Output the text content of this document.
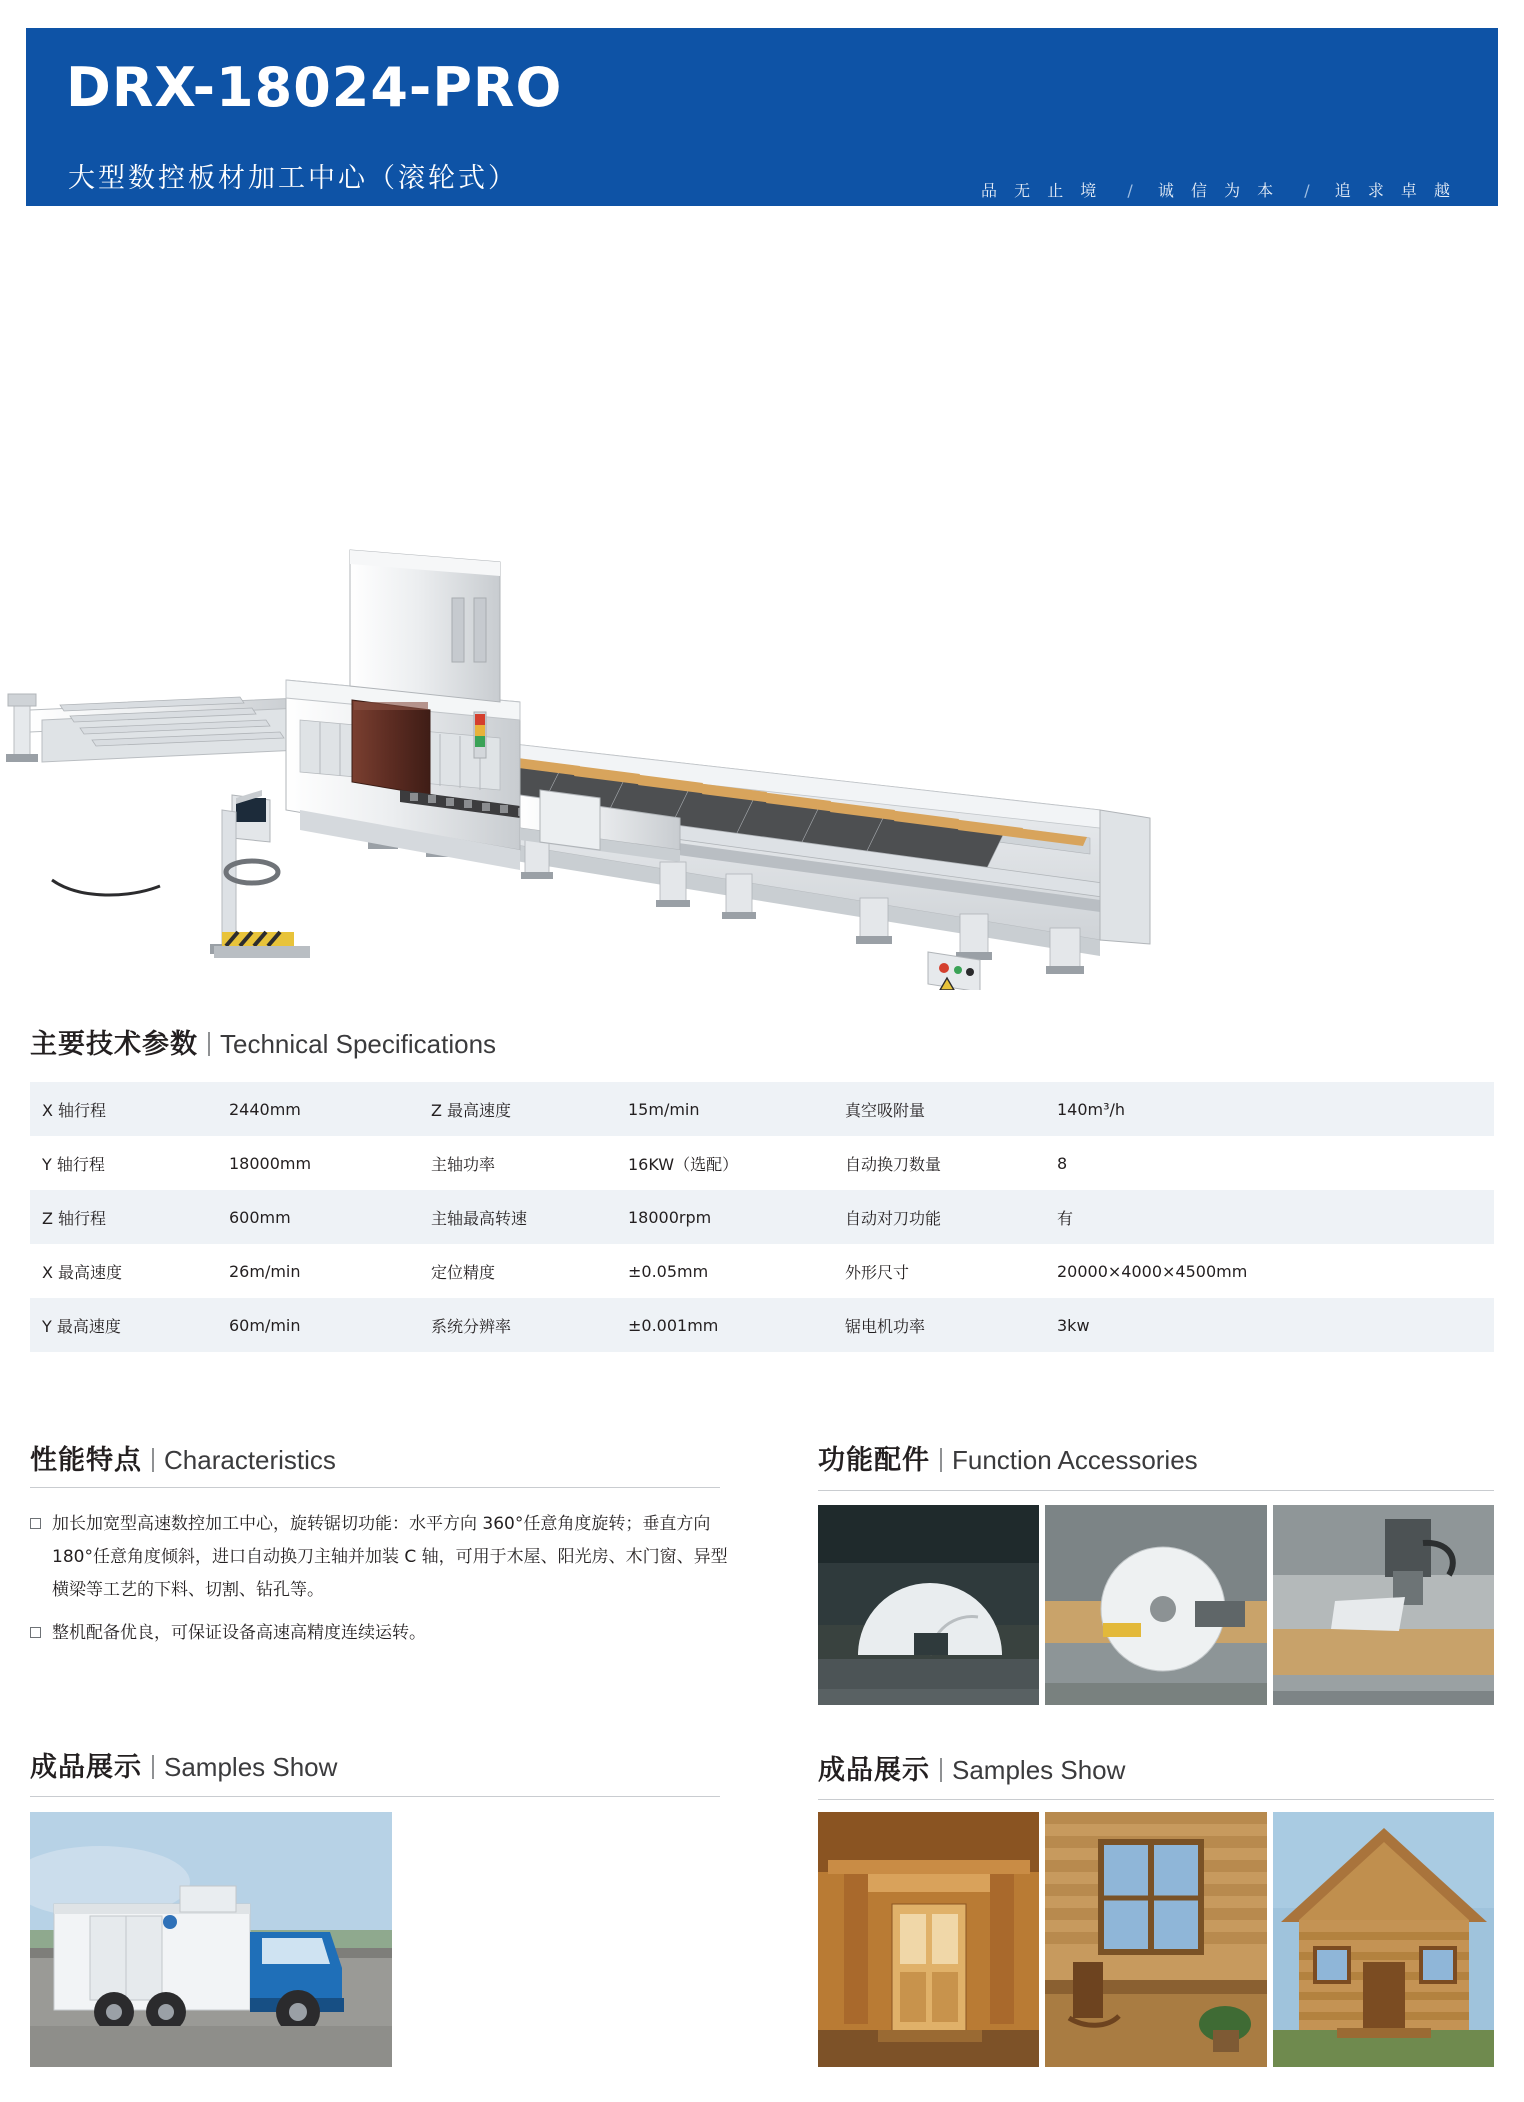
DRX-18024-PRO
大型数控板材加工中心（滚轮式）	品 无 止 境 / 诚 信 为 本 / 追 求 卓 越
主要技术参数 Technical Specifications
X 轴行程	2440mm	Z 最高速度	15m/min	真空吸附量	140m³/h
Y 轴行程	18000mm	主轴功率	16KW（选配）	自动换刀数量	8
Z 轴行程	600mm	主轴最高转速	18000rpm	自动对刀功能	有
X 最高速度	26m/min	定位精度	±0.05mm	外形尺寸	20000×4000×4500mm
Y 最高速度	60m/min	系统分辨率	±0.001mm	锯电机功率	3kw
性能特点 Characteristics
加长加宽型高速数控加工中心，旋转锯切功能：水平方向 360°任意角度旋转；垂直方向 180°任意角度倾斜，进口自动换刀主轴并加装 C 轴，可用于木屋、阳光房、木门窗、异型横梁等工艺的下料、切割、钻孔等。
整机配备优良，可保证设备高速高精度连续运转。
功能配件 Function Accessories
成品展示 Samples Show	成品展示 Samples Show
